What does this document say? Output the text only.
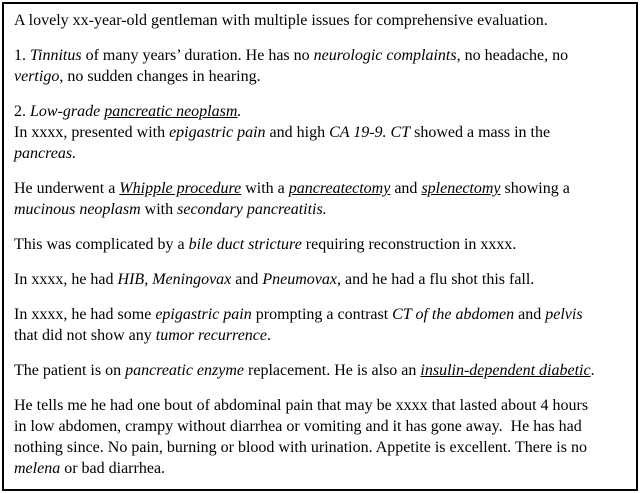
A lovely xx-year-old gentleman with multiple issues for comprehensive evaluation.

1. Tinnitus of many years’ duration. He has no neurologic complaints, no headache, no
vertigo, no sudden changes in hearing.

2. Low-grade pancreatic neoplasm.
In xxxx, presented with epigastric pain and high CA 19-9. CT showed a mass in the
pancreas.

He underwent a Whipple procedure with a pancreatectomy and splenectomy showing a
mucinous neoplasm with secondary pancreatitis.

This was complicated by a bile duct stricture requiring reconstruction in xxxx.

In xxxx, he had HIB, Meningovax and Pneumovax, and he had a flu shot this fall.

In xxxx, he had some epigastric pain prompting a contrast CT of the abdomen and pelvis
that did not show any tumor recurrence.

The patient is on pancreatic enzyme replacement. He is also an insulin-dependent diabetic.

He tells me he had one bout of abdominal pain that may be xxxx that lasted about 4 hours
in low abdomen, crampy without diarrhea or vomiting and it has gone away.  He has had
nothing since. No pain, burning or blood with urination. Appetite is excellent. There is no
melena or bad diarrhea.
